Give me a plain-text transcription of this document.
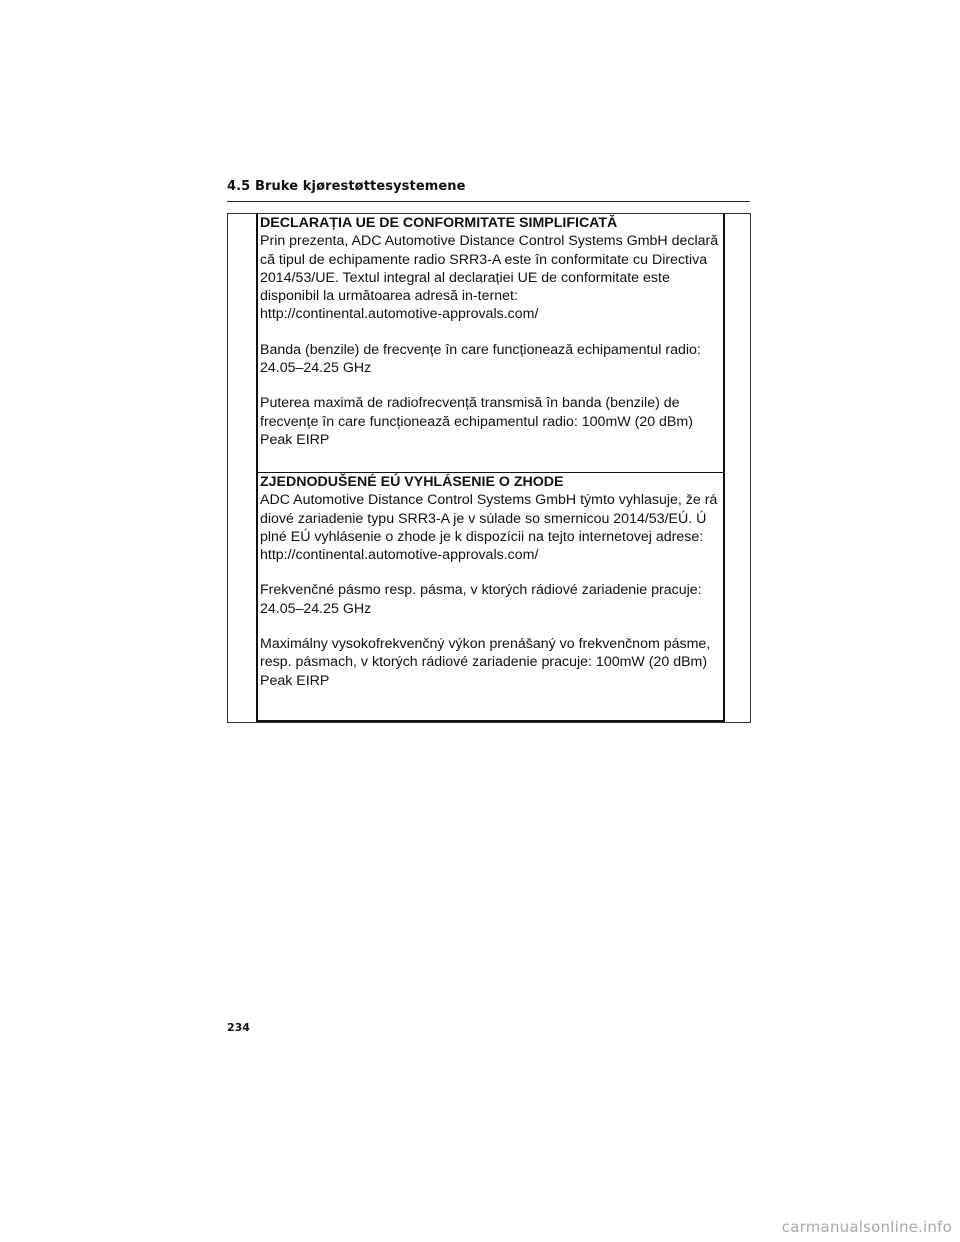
4.5 Bruke kjørestøttesystemene
DECLARAȚIA UE DE CONFORMITATE SIMPLIFICATĂ
Prin prezenta, ADC Automotive Distance Control Systems GmbH declară
că tipul de echipamente radio SRR3-A este în conformitate cu Directiva
2014/53/UE. Textul integral al declarației UE de conformitate este
disponibil la următoarea adresă in-ternet:
http://continental.automotive-approvals.com/
Banda (benzile) de frecvențe în care funcționează echipamentul radio:
24.05–24.25 GHz
Puterea maximă de radiofrecvență transmisă în banda (benzile) de
frecvențe în care funcționează echipamentul radio: 100mW (20 dBm)
Peak EIRP
ZJEDNODUŠENÉ EÚ VYHLÁSENIE O ZHODE
ADC Automotive Distance Control Systems GmbH týmto vyhlasuje, že rá
diové zariadenie typu SRR3-A je v súlade so smernicou 2014/53/EÚ. Ú
plné EÚ vyhlásenie o zhode je k dispozícii na tejto internetovej adrese:
http://continental.automotive-approvals.com/
Frekvenčné pásmo resp. pásma, v ktorých rádiové zariadenie pracuje:
24.05–24.25 GHz
Maximálny vysokofrekvenčný výkon prenášaný vo frekvenčnom pásme,
resp. pásmach, v ktorých rádiové zariadenie pracuje: 100mW (20 dBm)
Peak EIRP
234
carmanualsonline.info
